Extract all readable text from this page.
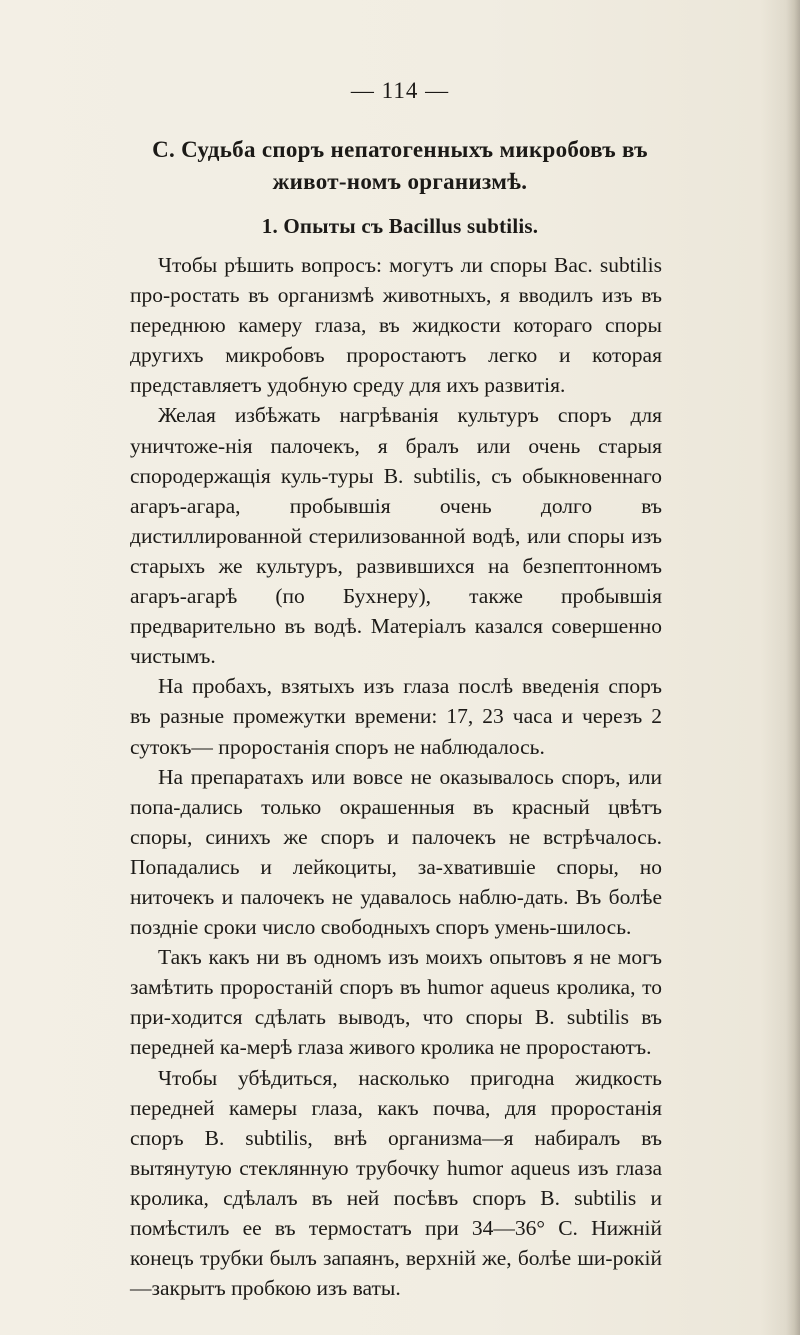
— 114 —
С. Судьба споръ непатогенныхъ микробовъ въ живот-номъ организмѣ.
1. Опыты съ Bacillus subtilis.

Чтобы рѣшить вопросъ: могутъ ли споры Bac. subtilis про-ростать въ организмѣ животныхъ, я вводилъ изъ въ переднюю камеру глаза, въ жидкости котораго споры другихъ микробовъ проростаютъ легко и которая представляетъ удобную среду для ихъ развитія.

Желая избѣжать нагрѣванія культуръ споръ для уничтоже-нія палочекъ, я бралъ или очень старыя спородержащія куль-туры B. subtilis, съ обыкновеннаго агаръ-агара, пробывшія очень долго въ дистиллированной стерилизованной водѣ, или споры изъ старыхъ же культуръ, развившихся на безпептонномъ агаръ-агарѣ (по Бухнеру), также пробывшія предварительно въ водѣ. Матеріалъ казался совершенно чистымъ.

На пробахъ, взятыхъ изъ глаза послѣ введенія споръ въ разные промежутки времени: 17, 23 часа и черезъ 2 сутокъ— проростанія споръ не наблюдалось.

На препаратахъ или вовсе не оказывалось споръ, или попа-дались только окрашенныя въ красный цвѣтъ споры, синихъ же споръ и палочекъ не встрѣчалось. Попадались и лейкоциты, за-хватившіе споры, но ниточекъ и палочекъ не удавалось наблю-дать. Въ болѣе поздніе сроки число свободныхъ споръ умень-шилось.

Такъ какъ ни въ одномъ изъ моихъ опытовъ я не могъ замѣтить проростаній споръ въ humor aqueus кролика, то при-ходится сдѣлать выводъ, что споры B. subtilis въ передней ка-мерѣ глаза живого кролика не проростаютъ.

Чтобы убѣдиться, насколько пригодна жидкость передней камеры глаза, какъ почва, для проростанія споръ B. subtilis, внѣ организма—я набиралъ въ вытянутую стеклянную трубочку humor aqueus изъ глаза кролика, сдѣлалъ въ ней посѣвъ споръ B. subtilis и помѣстилъ ее въ термостатъ при 34—36° С. Нижній конецъ трубки былъ запаянъ, верхній же, болѣе ши-рокій—закрытъ пробкою изъ ваты.
